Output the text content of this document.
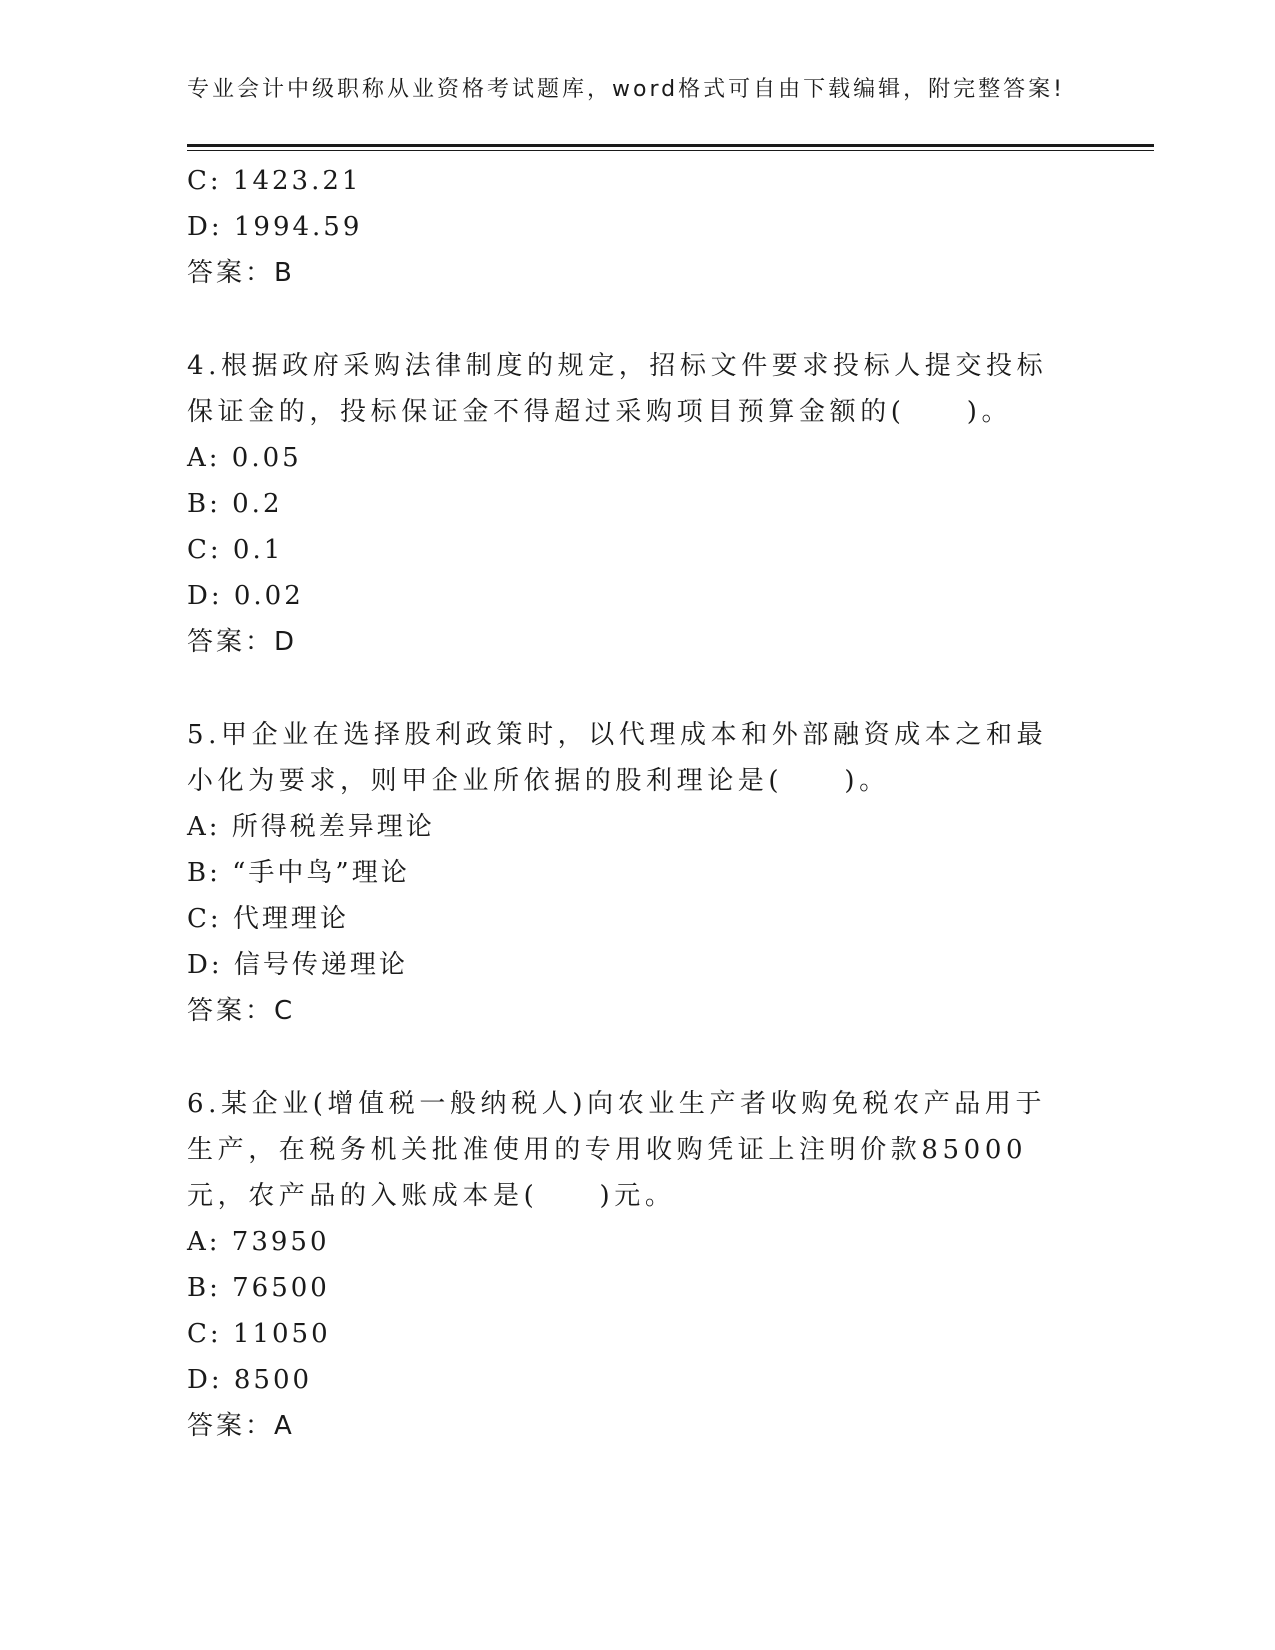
专业会计中级职称从业资格考试题库，word格式可自由下载编辑，附完整答案!
C: 1423.21
D: 1994.59
答案：B
4.根据政府采购法律制度的规定，招标文件要求投标人提交投标保证金的，投标保证金不得超过采购项目预算金额的(　　)。
A: 0.05
B: 0.2
C: 0.1
D: 0.02
答案：D
5.甲企业在选择股利政策时，以代理成本和外部融资成本之和最小化为要求，则甲企业所依据的股利理论是(　　)。
A: 所得税差异理论
B: “手中鸟”理论
C: 代理理论
D: 信号传递理论
答案：C
6.某企业(增值税一般纳税人)向农业生产者收购免税农产品用于生产，在税务机关批准使用的专用收购凭证上注明价款85000元，农产品的入账成本是(　　)元。
A: 73950
B: 76500
C: 11050
D: 8500
答案：A
